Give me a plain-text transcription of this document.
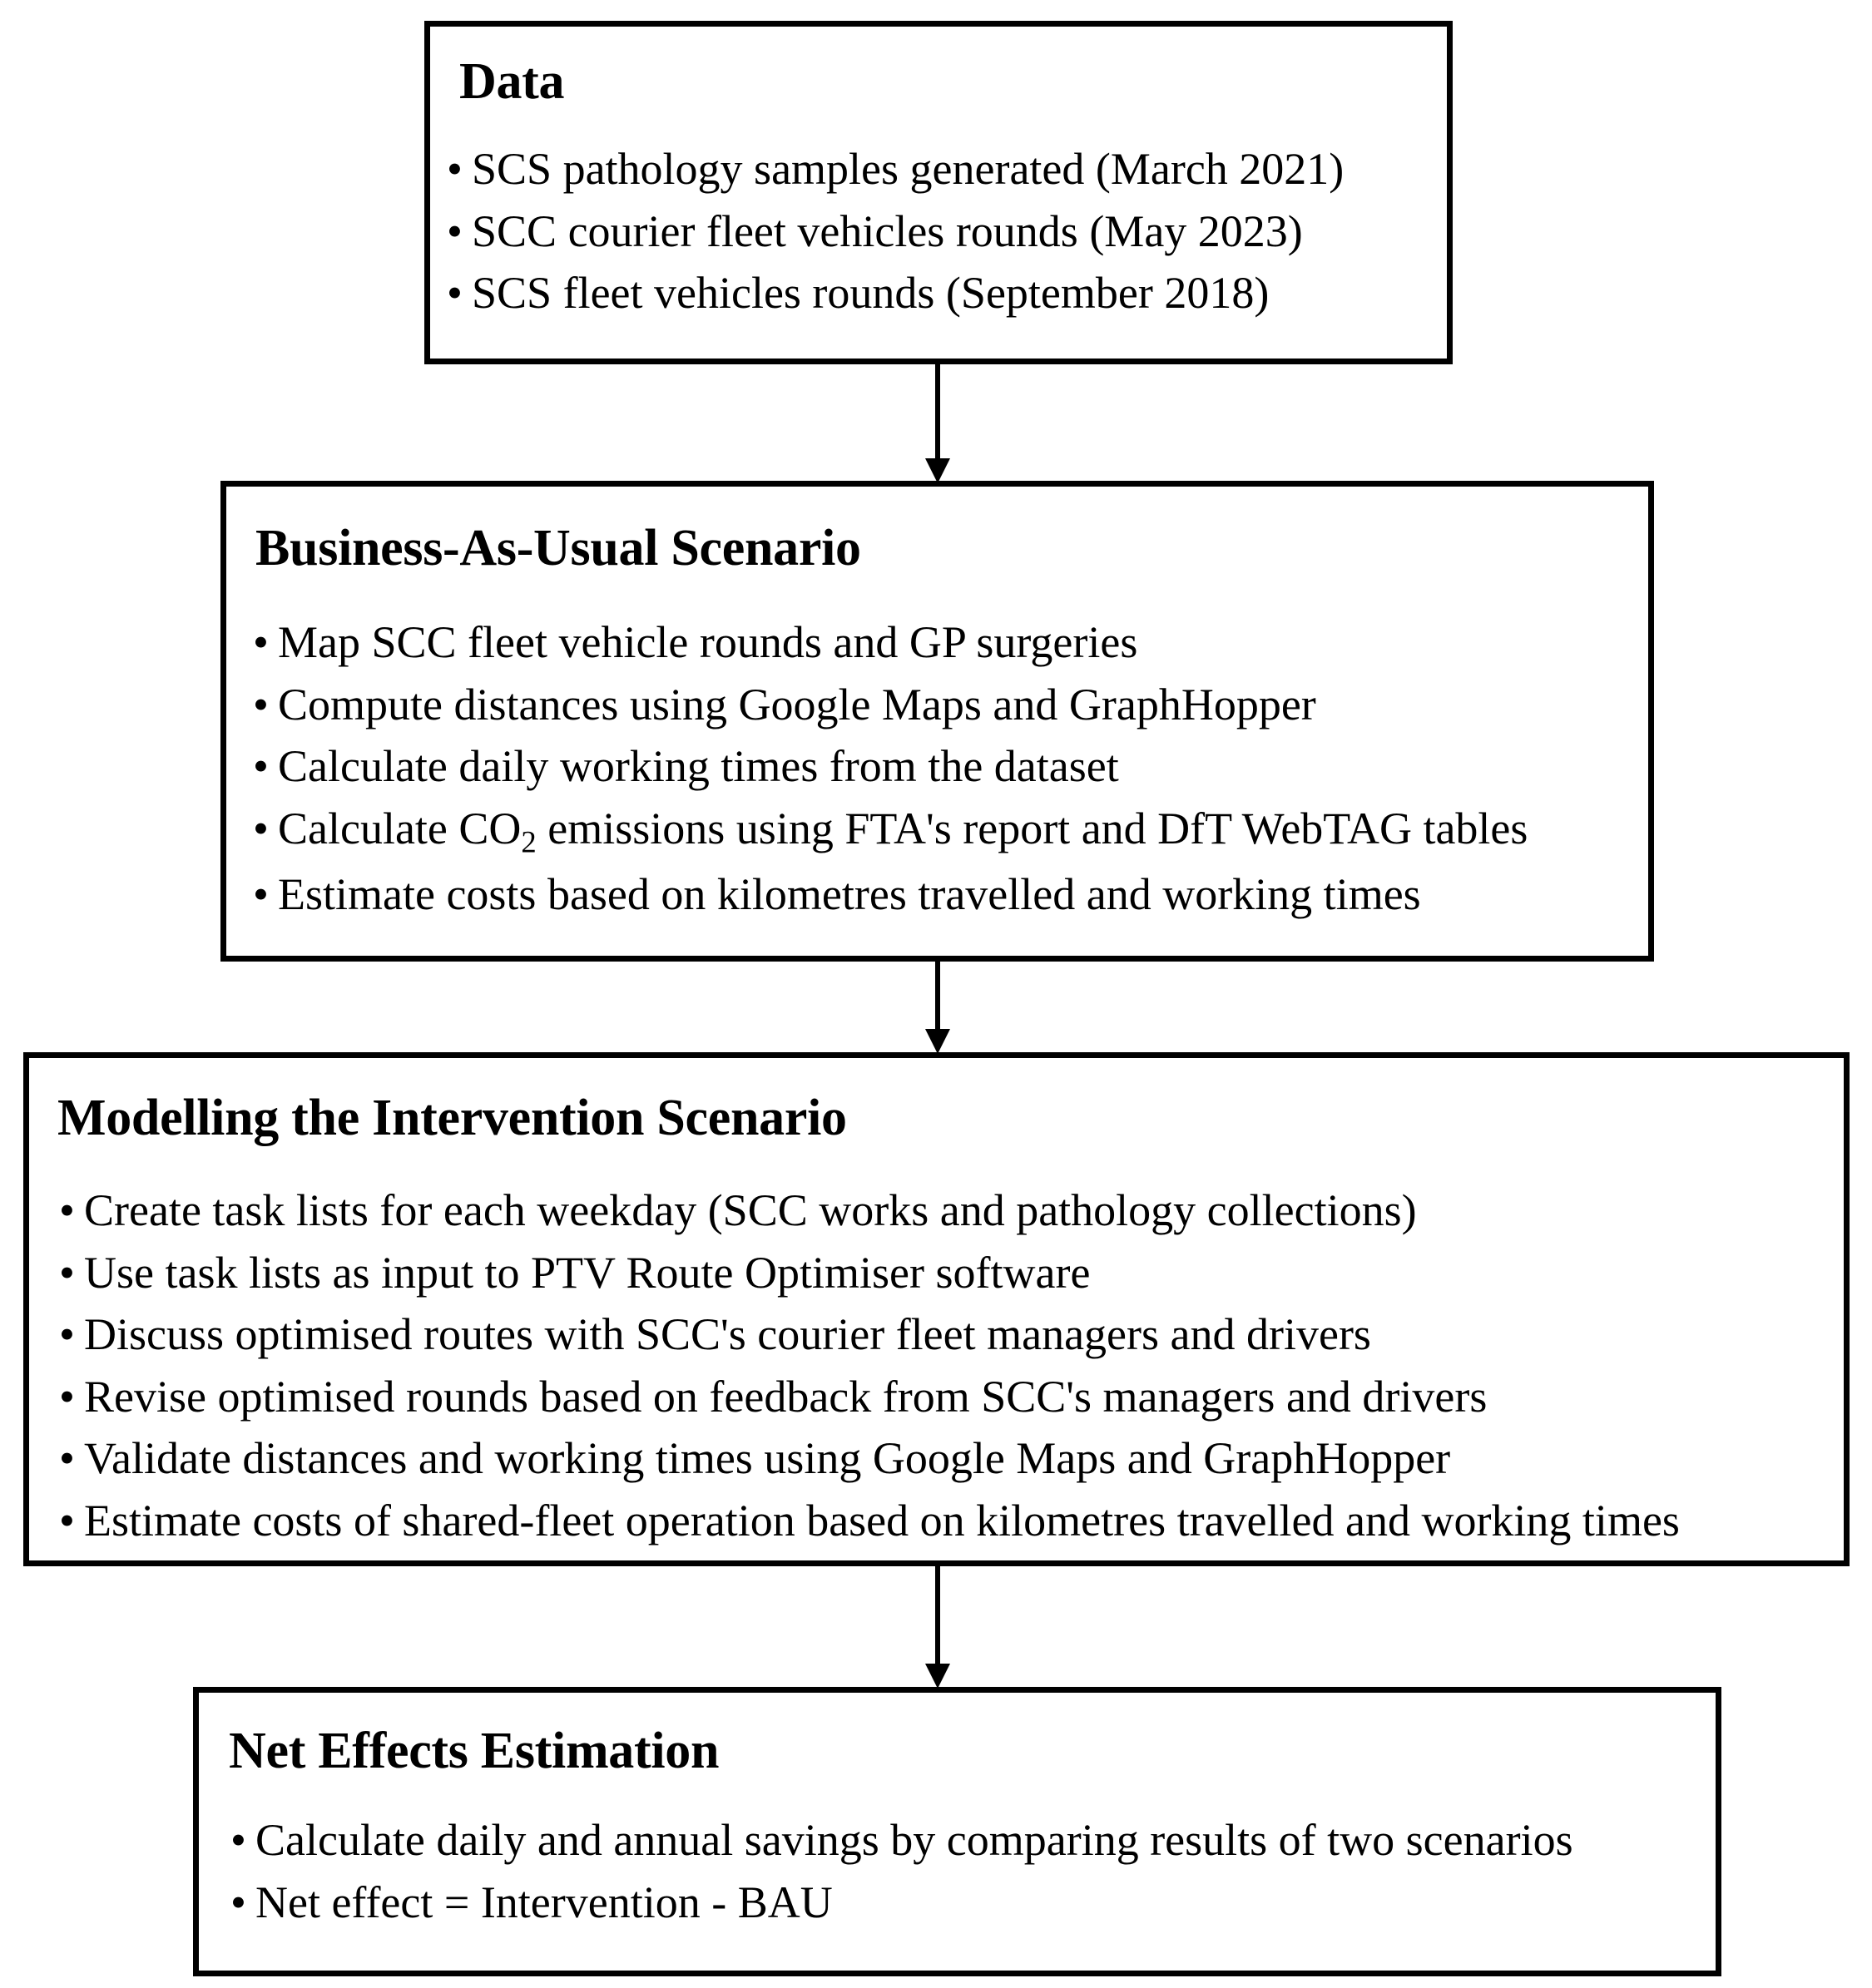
Data
• SCS pathology samples generated (March 2021)
• SCC courier fleet vehicles rounds (May 2023)
• SCS fleet vehicles rounds (September 2018)
Business-As-Usual Scenario
• Map SCC fleet vehicle rounds and GP surgeries
• Compute distances using Google Maps and GraphHopper
• Calculate daily working times from the dataset
• Calculate $CO_2$ emissions using FTA's report and DfT WebTAG tables
• Estimate costs based on kilometres travelled and working times
Modelling the Intervention Scenario
• Create task lists for each weekday (SCC works and pathology collections)
• Use task lists as input to PTV Route Optimiser software
• Discuss optimised routes with SCC's courier fleet managers and drivers
• Revise optimised rounds based on feedback from SCC's managers and drivers
• Validate distances and working times using Google Maps and GraphHopper
• Estimate costs of shared-fleet operation based on kilometres travelled and working times
Net Effects Estimation
• Calculate daily and annual savings by comparing results of two scenarios
• Net effect = Intervention - BAU
